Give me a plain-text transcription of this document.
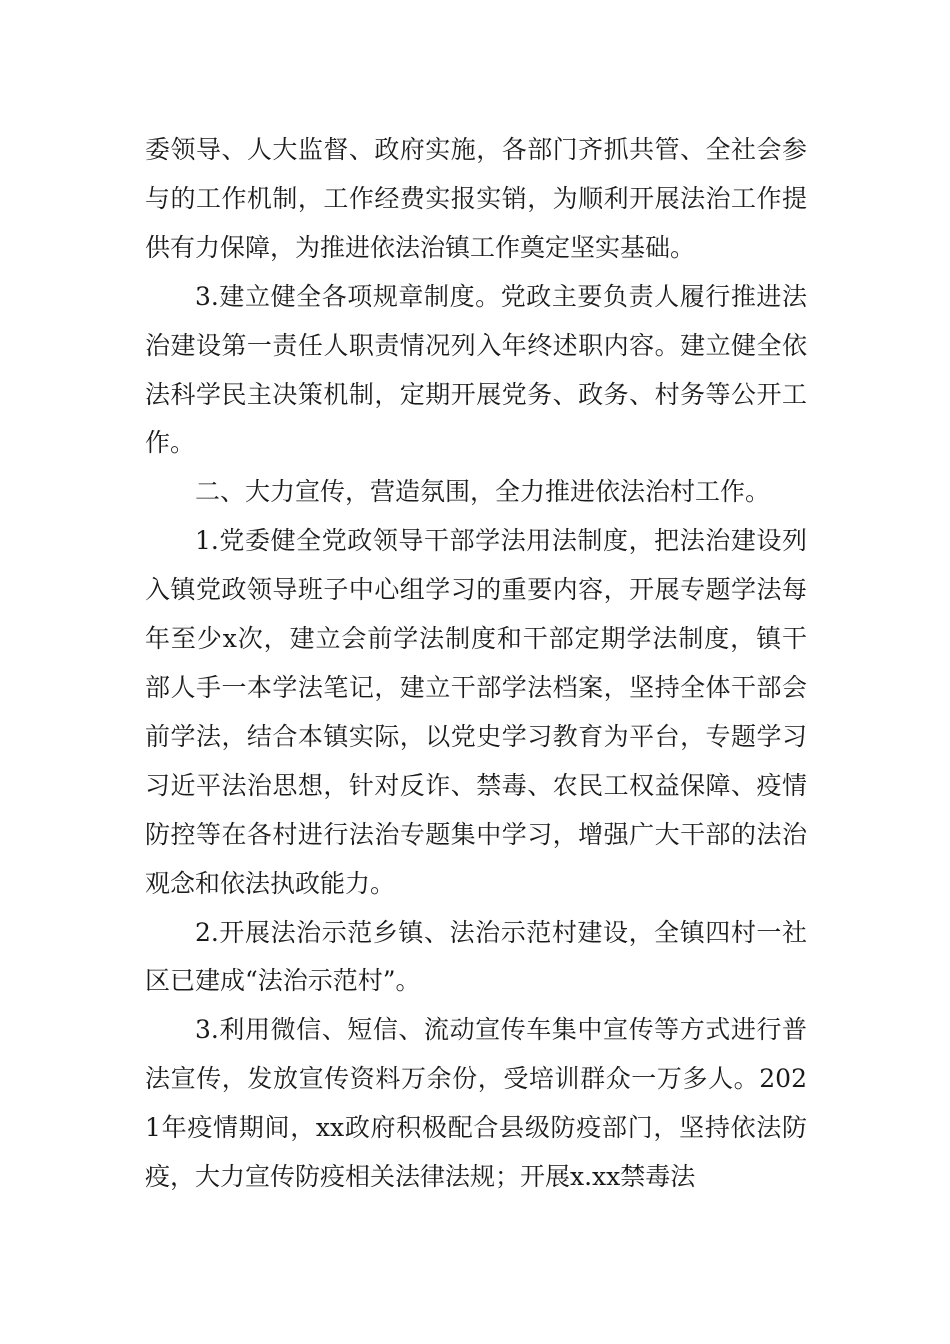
委领导、人大监督、政府实施，各部门齐抓共管、全社会参与的工作机制，工作经费实报实销，为顺利开展法治工作提供有力保障，为推进依法治镇工作奠定坚实基础。

3.建立健全各项规章制度。党政主要负责人履行推进法治建设第一责任人职责情况列入年终述职内容。建立健全依法科学民主决策机制，定期开展党务、政务、村务等公开工作。

二、大力宣传，营造氛围，全力推进依法治村工作。

1.党委健全党政领导干部学法用法制度，把法治建设列入镇党政领导班子中心组学习的重要内容，开展专题学法每年至少x次，建立会前学法制度和干部定期学法制度，镇干部人手一本学法笔记，建立干部学法档案，坚持全体干部会前学法，结合本镇实际，以党史学习教育为平台，专题学习习近平法治思想，针对反诈、禁毒、农民工权益保障、疫情防控等在各村进行法治专题集中学习，增强广大干部的法治观念和依法执政能力。

2.开展法治示范乡镇、法治示范村建设，全镇四村一社区已建成“法治示范村”。

3.利用微信、短信、流动宣传车集中宣传等方式进行普法宣传，发放宣传资料万余份，受培训群众一万多人。2021年疫情期间，xx政府积极配合县级防疫部门，坚持依法防疫，大力宣传防疫相关法律法规；开展x.xx禁毒法
